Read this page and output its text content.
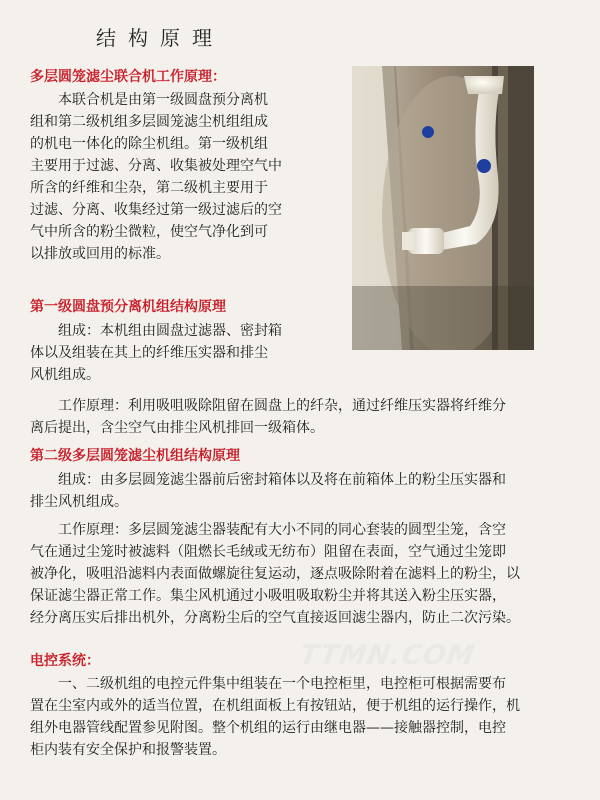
结构原理
多层圆笼滤尘联合机工作原理：

本联合机是由第一级圆盘预分离机
组和第二级机组多层圆笼滤尘机组组成
的机电一体化的除尘机组。第一级机组
主要用于过滤、分离、收集被处理空气中
所含的纤维和尘杂，第二级机主要用于
过滤、分离、收集经过第一级过滤后的空
气中所含的粉尘微粒，使空气净化到可
以排放或回用的标准。

第一级圆盘预分离机组结构原理

组成：本机组由圆盘过滤器、密封箱
体以及组装在其上的纤维压实器和排尘
风机组成。

工作原理：利用吸咀吸除阻留在圆盘上的纤杂，通过纤维压实器将纤维分
离后提出，含尘空气由排尘风机排回一级箱体。

第二级多层圆笼滤尘机组结构原理

组成：由多层圆笼滤尘器前后密封箱体以及将在前箱体上的粉尘压实器和
排尘风机组成。

工作原理：多层圆笼滤尘器装配有大小不同的同心套装的圆型尘笼，含空
气在通过尘笼时被滤料（阻燃长毛绒或无纺布）阻留在表面，空气通过尘笼即
被净化，吸咀沿滤料内表面做螺旋往复运动，逐点吸除附着在滤料上的粉尘，以
保证滤尘器正常工作。集尘风机通过小吸咀吸取粉尘并将其送入粉尘压实器，
经分离压实后排出机外，分离粉尘后的空气直接返回滤尘器内，防止二次污染。

电控系统：	TTMN.COM

一、二级机组的电控元件集中组装在一个电控柜里，电控柜可根据需要布
置在尘室内或外的适当位置，在机组面板上有按钮站，便于机组的运行操作，机
组外电器管线配置参见附图。整个机组的运行由继电器——接触器控制，电控
柜内装有安全保护和报警装置。
